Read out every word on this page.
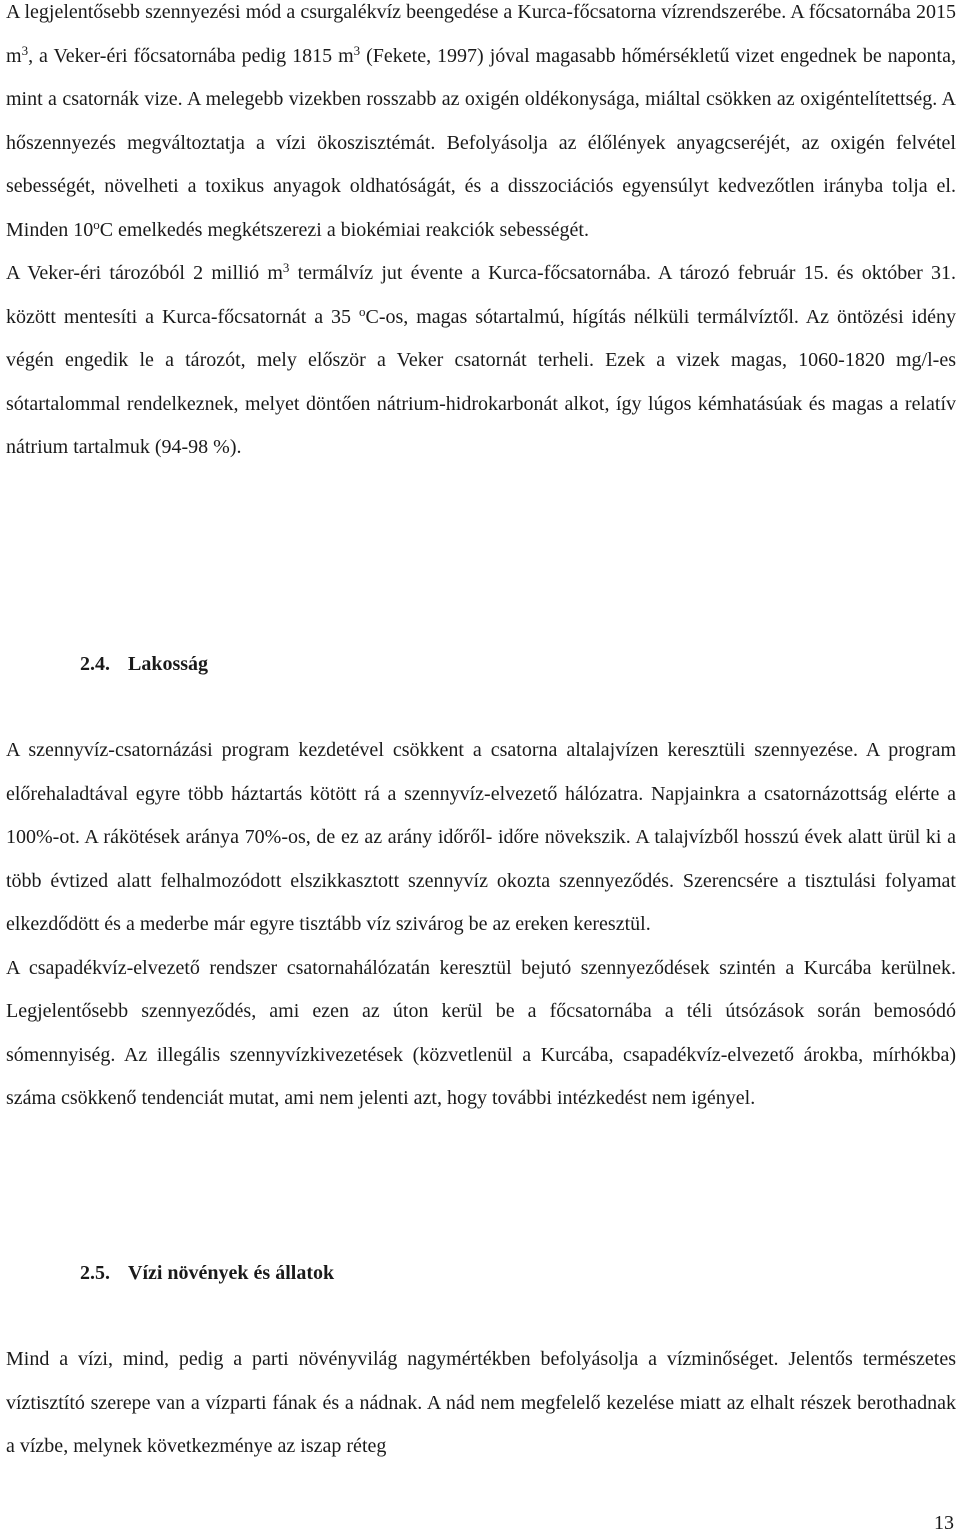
A legjelentősebb szennyezési mód a csurgalékvíz beengedése a Kurca-főcsatorna vízrendszerébe. A főcsatornába 2015 $m^3$, a Veker-éri főcsatornába pedig 1815 $m^3$ (Fekete, 1997) jóval magasabb hőmérsékletű vizet engednek be naponta, mint a csatornák vize. A melegebb vizekben rosszabb az oxigén oldékonysága, miáltal csökken az oxigéntelítettség. A hőszennyezés megváltoztatja a vízi ökoszisztémát. Befolyásolja az élőlények anyagcseréjét, az oxigén felvétel sebességét, növelheti a toxikus anyagok oldhatóságát, és a disszociációs egyensúlyt kedvezőtlen irányba tolja el. Minden 10$^o$C emelkedés megkétszerezi a biokémiai reakciók sebességét.

A Veker-éri tározóból 2 millió $m^3$ termálvíz jut évente a Kurca-főcsatornába. A tározó február 15. és október 31. között mentesíti a Kurca-főcsatornát a 35 $^o$C-os, magas sótartalmú, hígítás nélküli termálvíztől. Az öntözési idény végén engedik le a tározót, mely először a Veker csatornát terheli. Ezek a vizek magas, 1060-1820 mg/l-es sótartalommal rendelkeznek, melyet döntően nátrium-hidrokarbonát alkot, így lúgos kémhatásúak és magas a relatív nátrium tartalmuk (94-98 %).

2.4. Lakosság

A szennyvíz-csatornázási program kezdetével csökkent a csatorna altalajvízen keresztüli szennyezése. A program előrehaladtával egyre több háztartás kötött rá a szennyvíz-elvezető hálózatra. Napjainkra a csatornázottság elérte a 100%-ot. A rákötések aránya 70%-os, de ez az arány időről- időre növekszik. A talajvízből hosszú évek alatt ürül ki a több évtized alatt felhalmozódott elszikkasztott szennyvíz okozta szennyeződés. Szerencsére a tisztulási folyamat elkezdődött és a mederbe már egyre tisztább víz szivárog be az ereken keresztül.

A csapadékvíz-elvezető rendszer csatornahálózatán keresztül bejutó szennyeződések szintén a Kurcába kerülnek. Legjelentősebb szennyeződés, ami ezen az úton kerül be a főcsatornába a téli útsózások során bemosódó sómennyiség. Az illegális szennyvízkivezetések (közvetlenül a Kurcába, csapadékvíz-elvezető árokba, mírhókba) száma csökkenő tendenciát mutat, ami nem jelenti azt, hogy további intézkedést nem igényel.

2.5. Vízi növények és állatok

Mind a vízi, mind, pedig a parti növényvilág nagymértékben befolyásolja a vízminőséget. Jelentős természetes víztisztító szerepe van a vízparti fának és a nádnak. A nád nem megfelelő kezelése miatt az elhalt részek berothadnak a vízbe, melynek következménye az iszap réteg

13
